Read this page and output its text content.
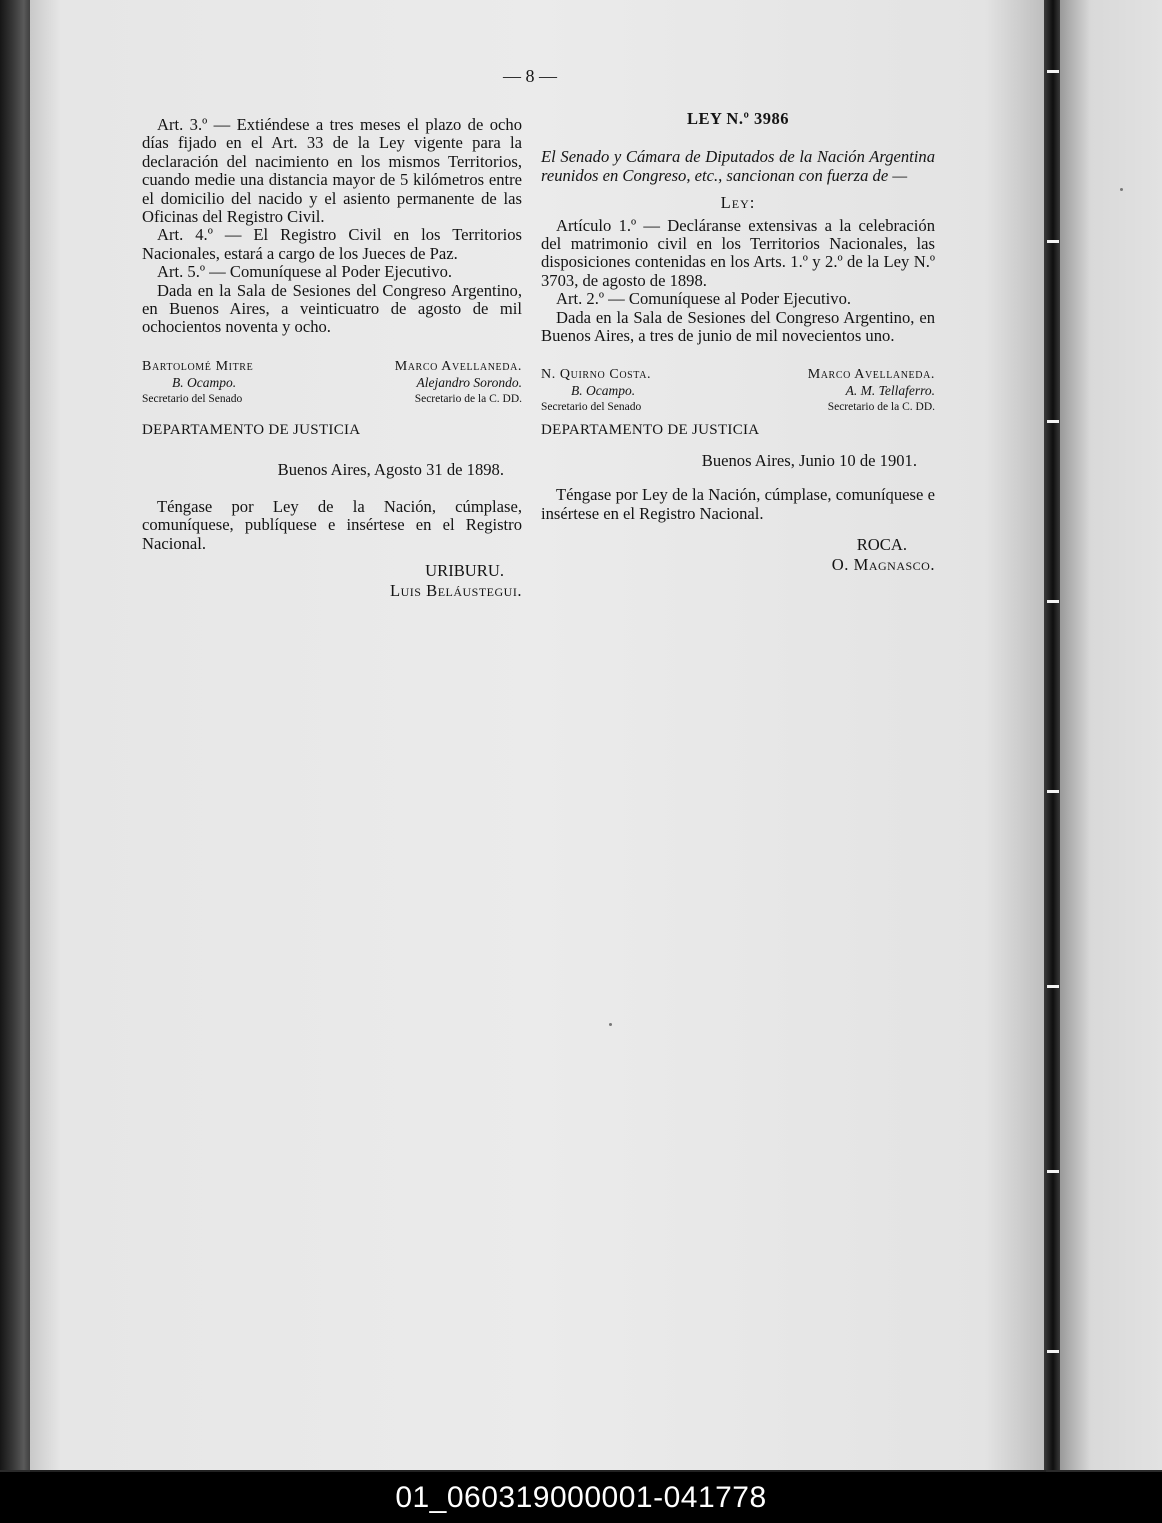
— 8 —

Art. 3.º — Extiéndese a tres meses el plazo de ocho días fijado en el Art. 33 de la Ley vigente para la declaración del nacimiento en los mismos Territorios, cuando medie una distancia mayor de 5 kilómetros entre el domicilio del nacido y el asiento permanente de las Oficinas del Registro Civil.

Art. 4.º — El Registro Civil en los Territorios Nacionales, estará a cargo de los Jueces de Paz.

Art. 5.º — Comuníquese al Poder Ejecutivo.

Dada en la Sala de Sesiones del Congreso Argentino, en Buenos Aires, a veinticuatro de agosto de mil ochocientos noventa y ocho.

Bartolomé Mitre
B. Ocampo.
Secretario del Senado
Marco Avellaneda.
Alejandro Sorondo.
Secretario de la C. DD.

DEPARTAMENTO DE JUSTICIA

Buenos Aires, Agosto 31 de 1898.

Téngase por Ley de la Nación, cúmplase, comuníquese, publíquese e insértese en el Registro Nacional.

URIBURU.
Luis Beláustegui.

LEY N.º 3986

El Senado y Cámara de Diputados de la Nación Argentina reunidos en Congreso, etc., sancionan con fuerza de —

Ley:

Artículo 1.º — Decláranse extensivas a la celebración del matrimonio civil en los Territorios Nacionales, las disposiciones contenidas en los Arts. 1.º y 2.º de la Ley N.º 3703, de agosto de 1898.

Art. 2.º — Comuníquese al Poder Ejecutivo.

Dada en la Sala de Sesiones del Congreso Argentino, en Buenos Aires, a tres de junio de mil novecientos uno.

N. Quirno Costa.
B. Ocampo.
Secretario del Senado
Marco Avellaneda.
A. M. Tellaferro.
Secretario de la C. DD.

DEPARTAMENTO DE JUSTICIA

Buenos Aires, Junio 10 de 1901.

Téngase por Ley de la Nación, cúmplase, comuníquese e insértese en el Registro Nacional.

ROCA.
O. Magnasco.
01_060319000001-041778
